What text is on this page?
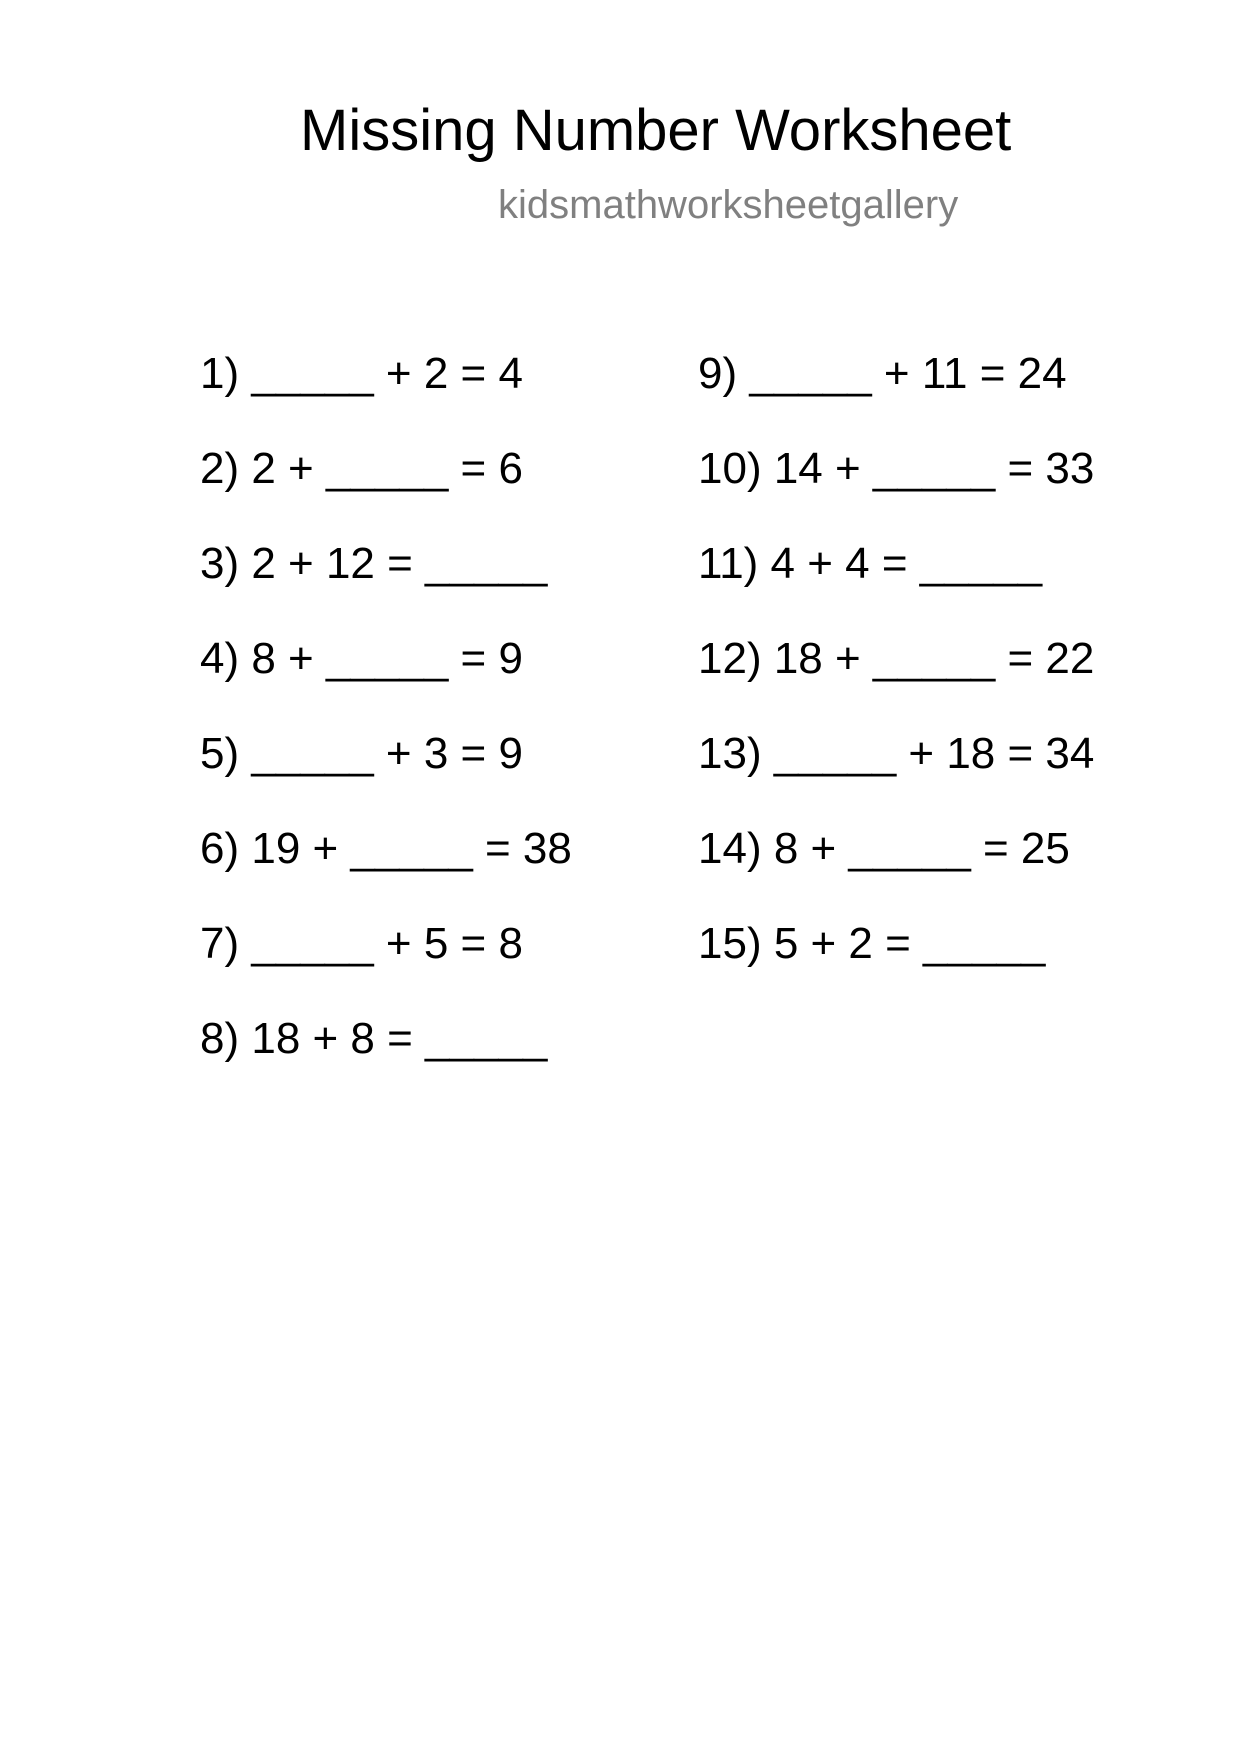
Missing Number Worksheet
kidsmathworksheetgallery
1) _____ + 2 = 4
2) 2 + _____ = 6
3) 2 + 12 = _____
4) 8 + _____ = 9
5) _____ + 3 = 9
6) 19 + _____ = 38
7) _____ + 5 = 8
8) 18 + 8 = _____
9) _____ + 11 = 24
10) 14 + _____ = 33
11) 4 + 4 = _____
12) 18 + _____ = 22
13) _____ + 18 = 34
14) 8 + _____ = 25
15) 5 + 2 = _____
